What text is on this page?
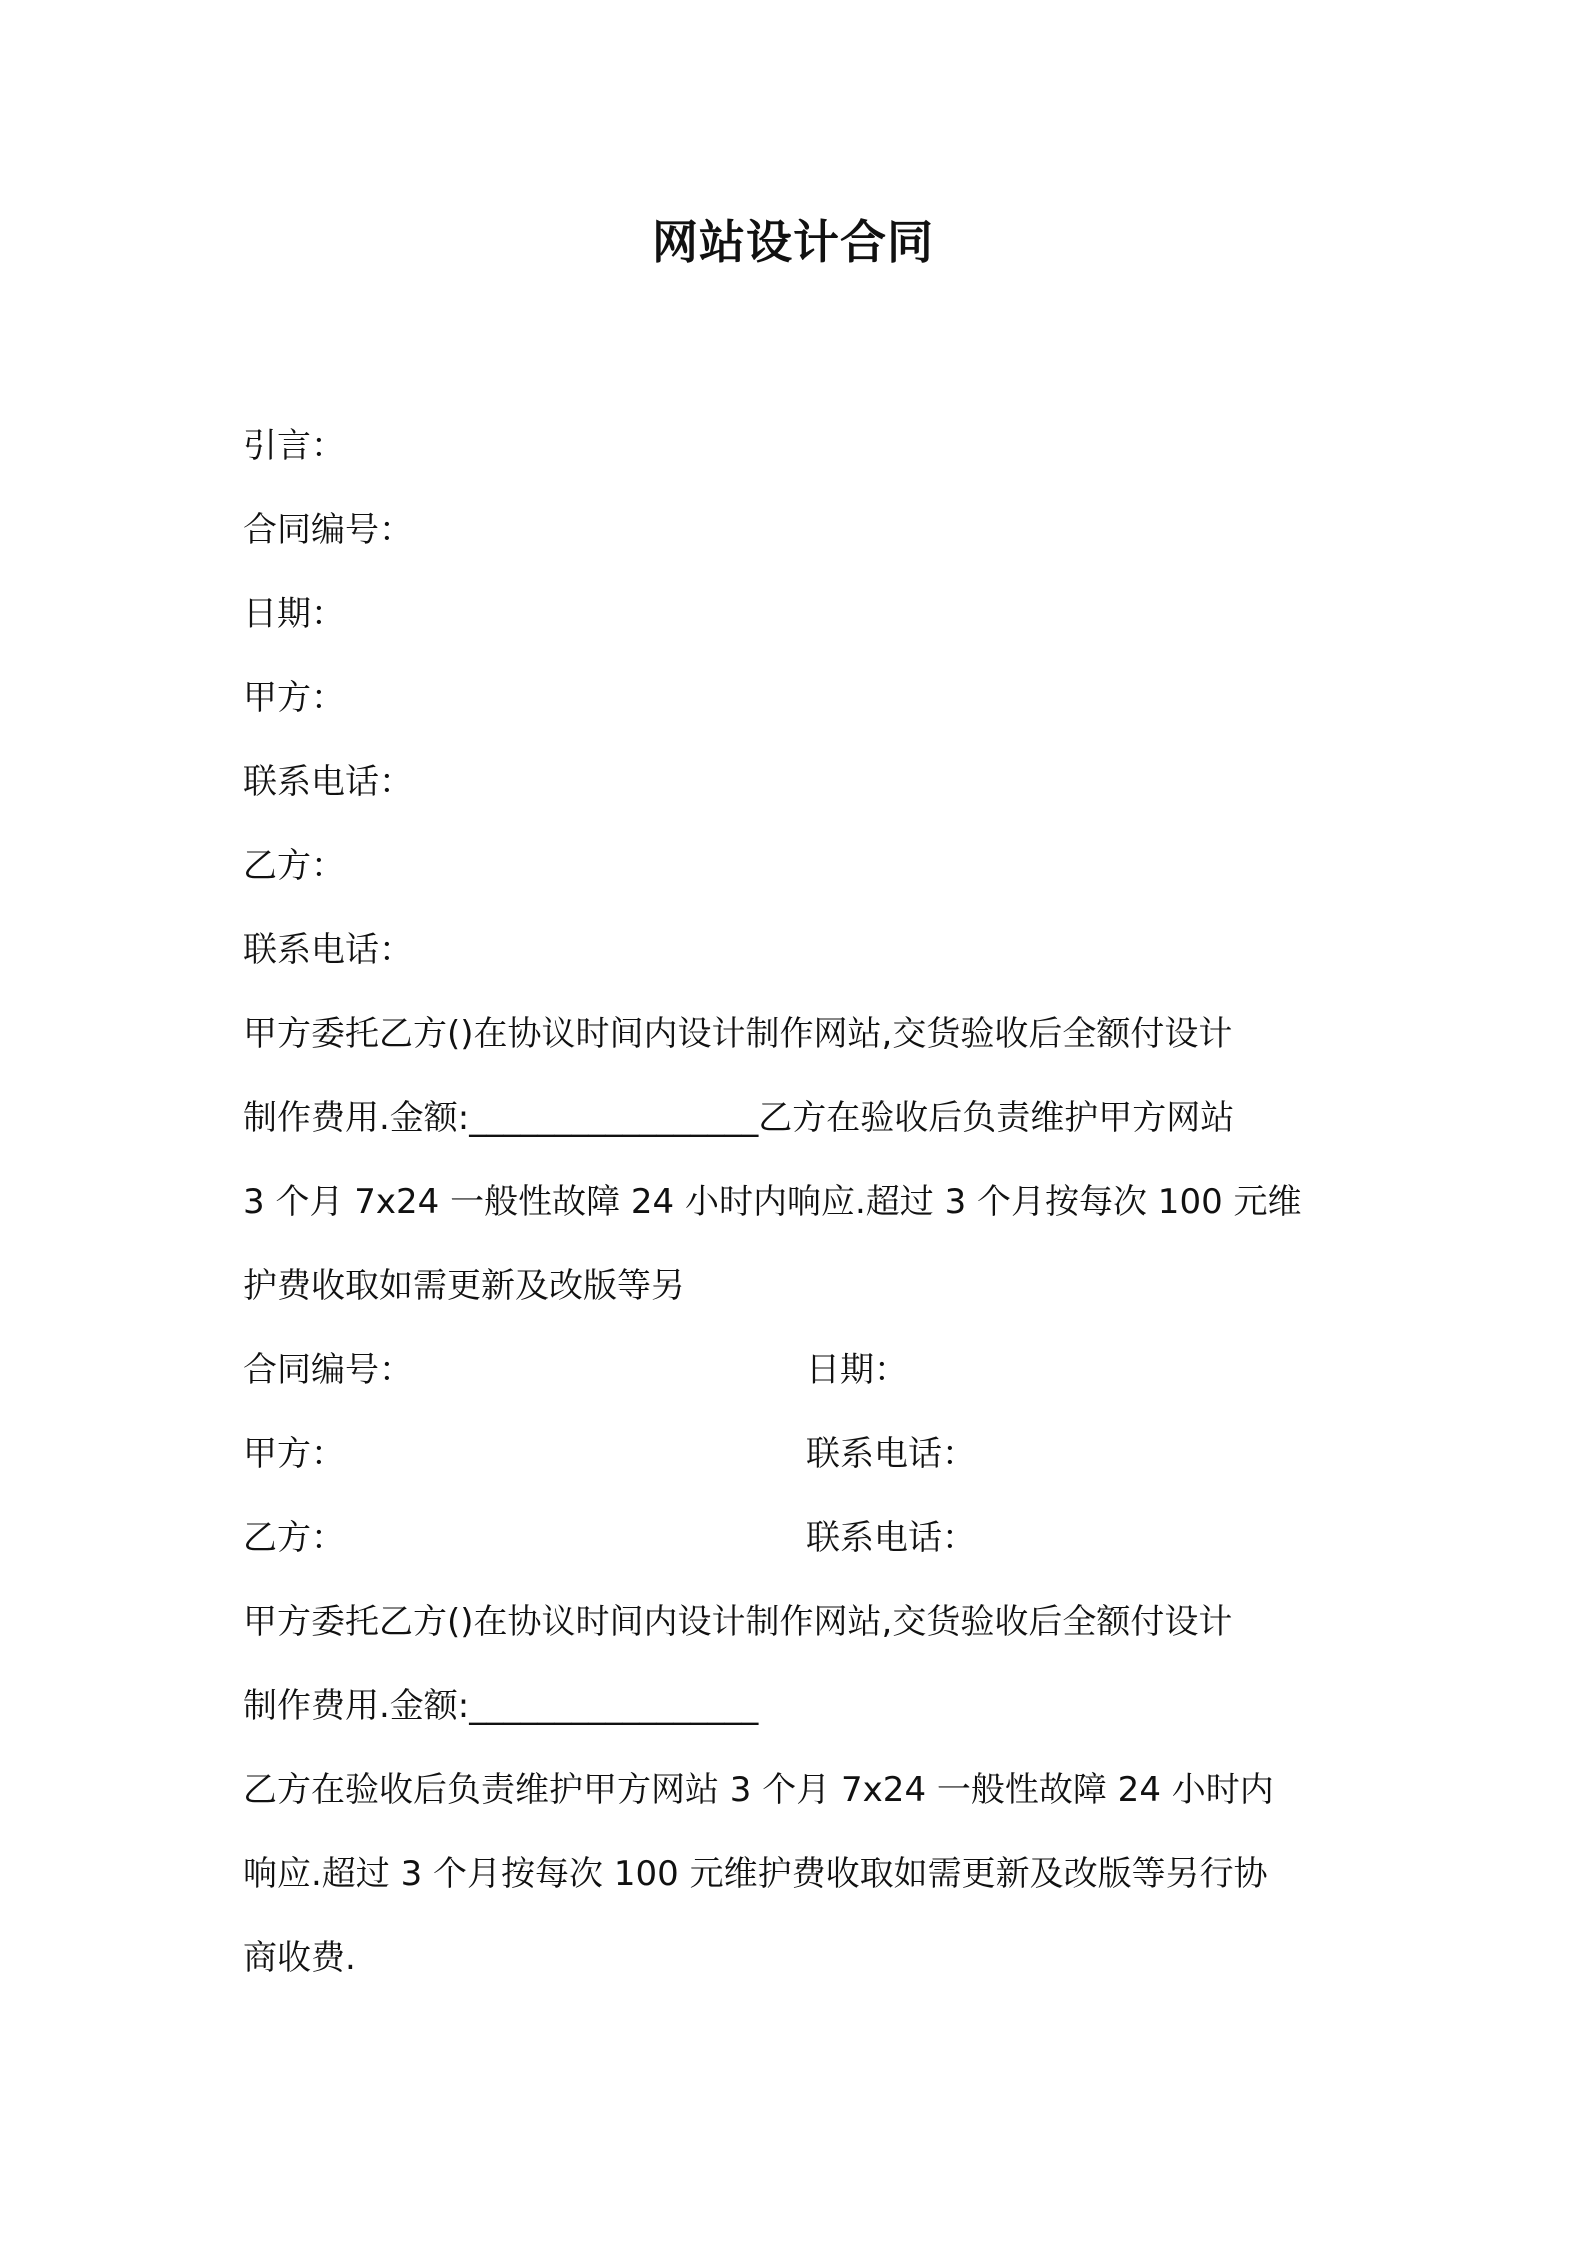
网站设计合同
引言：
合同编号：
日期：
甲方：
联系电话：
乙方：
联系电话：
甲方委托乙方()在协议时间内设计制作网站,交货验收后全额付设计
制作费用.金额:_________________乙方在验收后负责维护甲方网站
3 个月 7x24 一般性故障 24 小时内响应.超过 3 个月按每次 100 元维
护费收取如需更新及改版等另
合同编号：	日期：
甲方：	联系电话：
乙方：	联系电话：
甲方委托乙方()在协议时间内设计制作网站,交货验收后全额付设计
制作费用.金额:_________________
乙方在验收后负责维护甲方网站 3 个月 7x24 一般性故障 24 小时内
响应.超过 3 个月按每次 100 元维护费收取如需更新及改版等另行协
商收费.
